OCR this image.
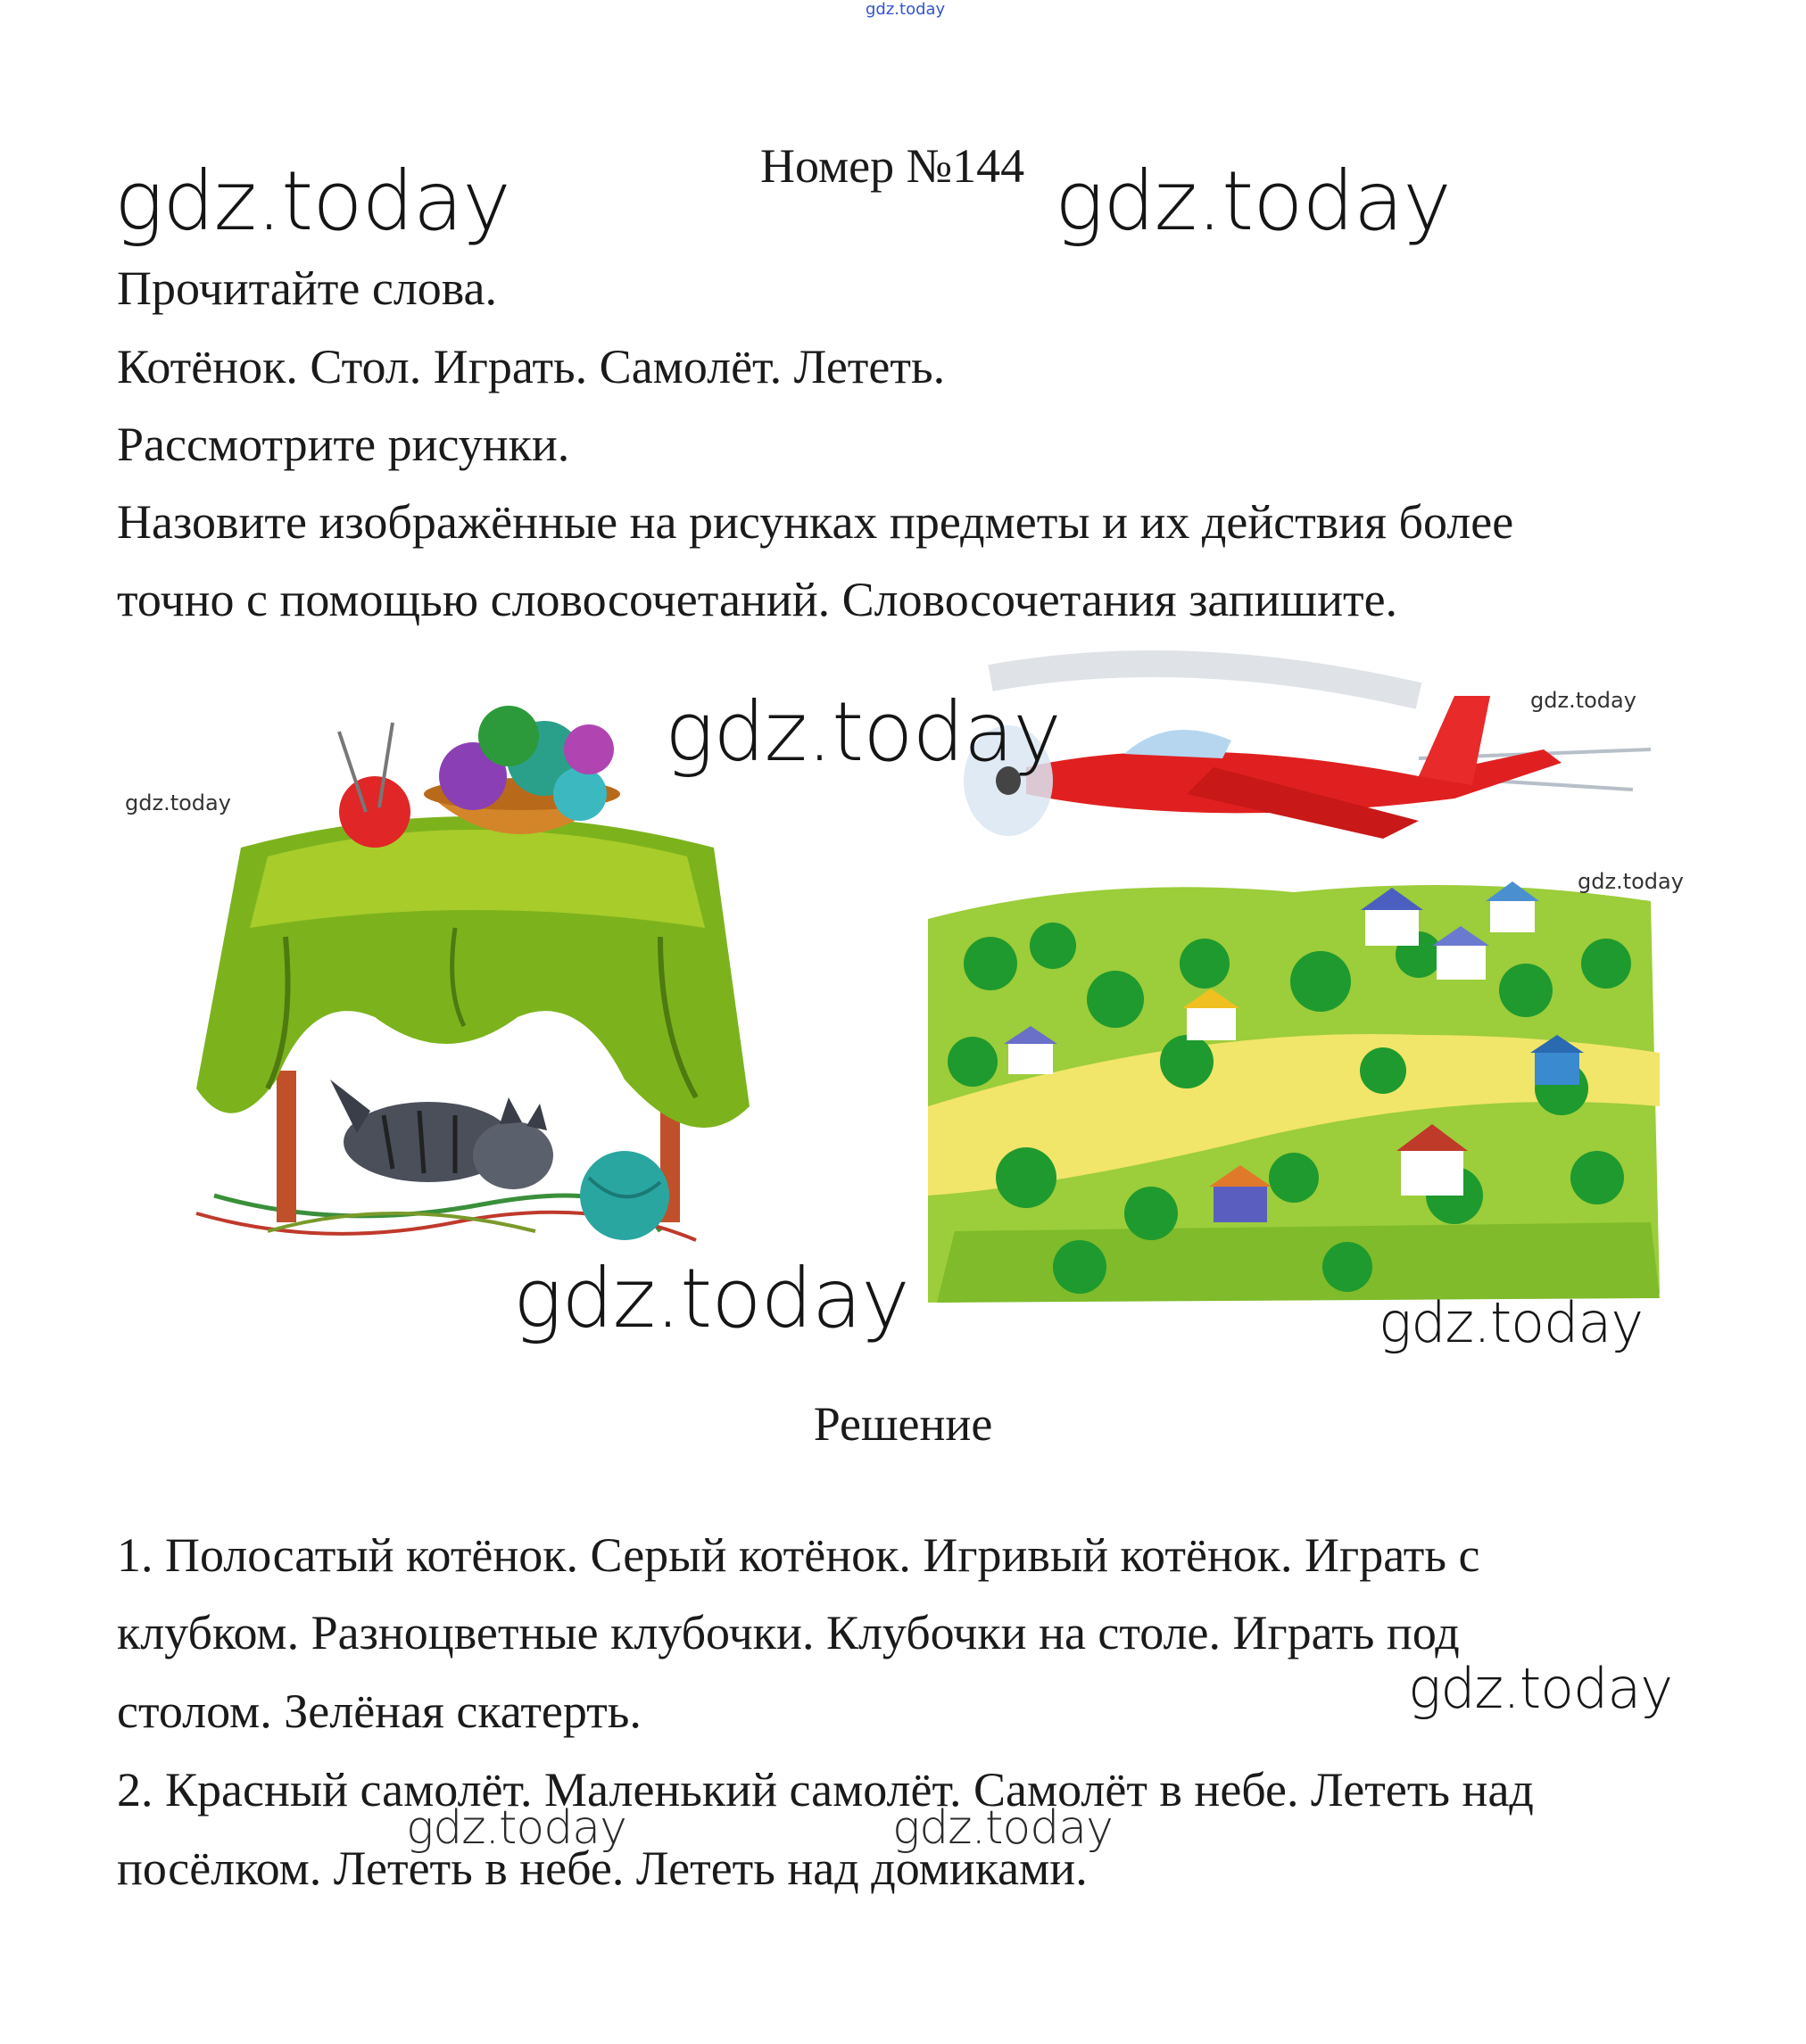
gdz.today
Номер №144
gdz.today	gdz.today
Прочитайте слова.
Котёнок. Стол. Играть. Самолёт. Лететь.
Рассмотрите рисунки.
Назовите изображённые на рисунках предметы и их действия более
точно с помощью словосочетаний. Словосочетания запишите.
gdz.today	gdz.today
gdz.today
gdz.today
gdz.today	gdz.today
Решение
1. Полосатый котёнок. Серый котёнок. Игривый котёнок. Играть с
клубком. Разноцветные клубочки. Клубочки на столе. Играть под
столом. Зелёная скатерть.
2. Красный самолёт. Маленький самолёт. Самолёт в небе. Лететь над
посёлком. Лететь в небе. Лететь над домиками.
gdz.today
gdz.today	gdz.today
